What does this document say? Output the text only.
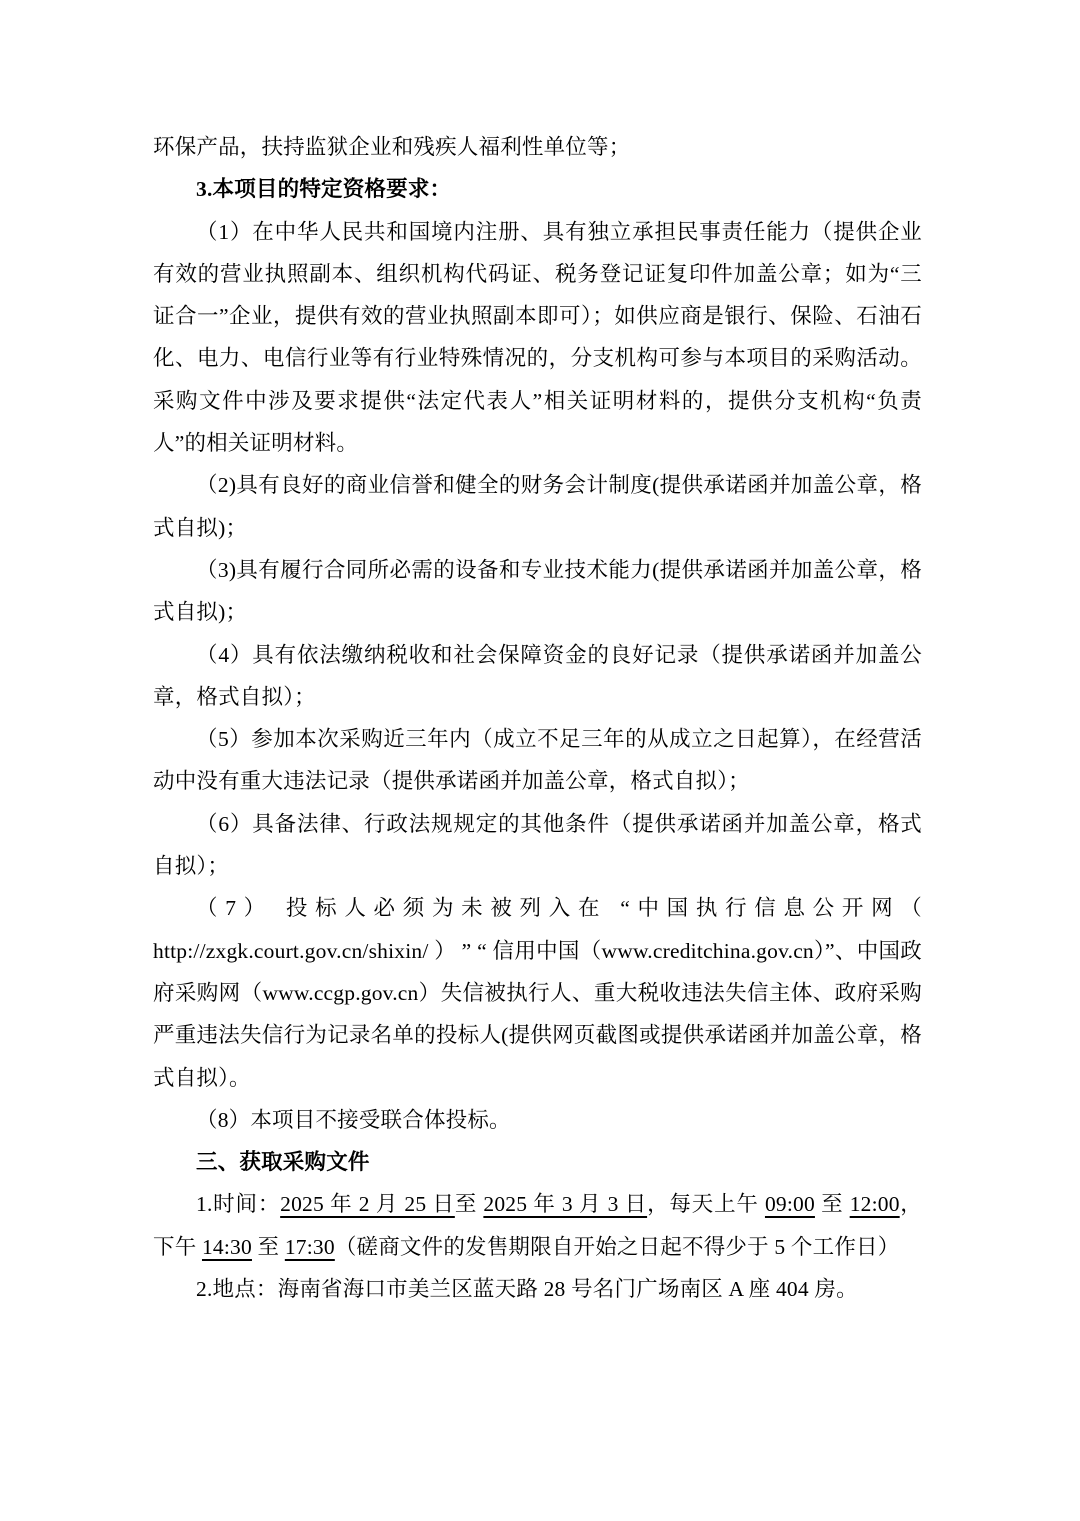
环保产品，扶持监狱企业和残疾人福利性单位等；

3.本项目的特定资格要求：

（1）在中华人民共和国境内注册、具有独立承担民事责任能力（提供企业有效的营业执照副本、组织机构代码证、税务登记证复印件加盖公章；如为“三证合一”企业，提供有效的营业执照副本即可）；如供应商是银行、保险、石油石化、电力、电信行业等有行业特殊情况的，分支机构可参与本项目的采购活动。采购文件中涉及要求提供“法定代表人”相关证明材料的，提供分支机构“负责人”的相关证明材料。

（2)具有良好的商业信誉和健全的财务会计制度(提供承诺函并加盖公章，格式自拟)；

（3)具有履行合同所必需的设备和专业技术能力(提供承诺函并加盖公章，格式自拟)；

（4）具有依法缴纳税收和社会保障资金的良好记录（提供承诺函并加盖公章，格式自拟）；

（5）参加本次采购近三年内（成立不足三年的从成立之日起算），在经营活动中没有重大违法记录（提供承诺函并加盖公章，格式自拟）；

（6）具备法律、行政法规规定的其他条件（提供承诺函并加盖公章，格式自拟）；

（7） 投标人必须为未被列入在 “中国执行信息公开网（ http://zxgk.court.gov.cn/shixin/ ） ” “ 信用中国（www.creditchina.gov.cn）”、中国政府采购网（www.ccgp.gov.cn）失信被执行人、重大税收违法失信主体、政府采购严重违法失信行为记录名单的投标人(提供网页截图或提供承诺函并加盖公章，格式自拟）。

（8）本项目不接受联合体投标。

三、获取采购文件

1.时间：2025 年 2 月 25 日至 2025 年 3 月 3 日，每天上午 09:00 至 12:00，下午 14:30 至 17:30（磋商文件的发售期限自开始之日起不得少于 5 个工作日）

2.地点：海南省海口市美兰区蓝天路 28 号名门广场南区 A 座 404 房。
